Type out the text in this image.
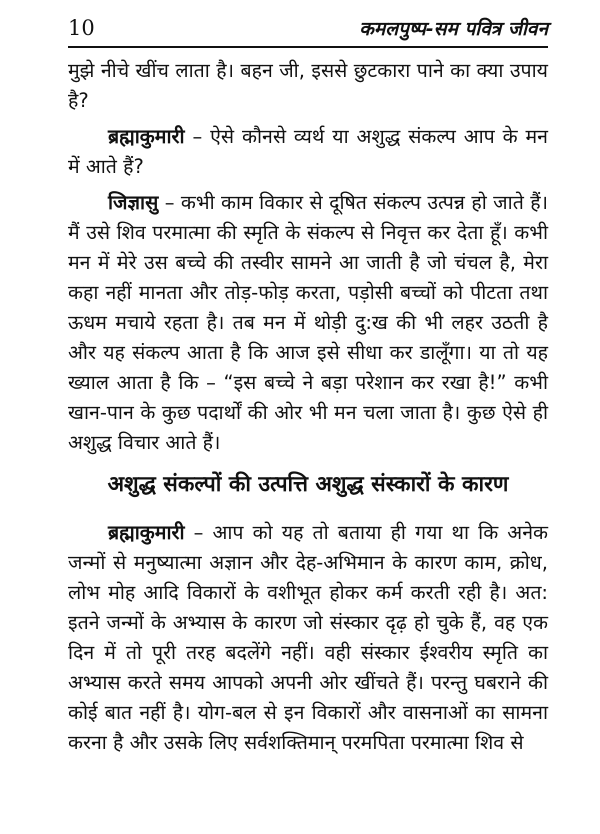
10	कमलपुष्प-सम पवित्र जीवन

मुझे नीचे खींच लाता है। बहन जी, इससे छुटकारा पाने का क्या उपाय है?

ब्रह्माकुमारी – ऐसे कौनसे व्यर्थ या अशुद्ध संकल्प आप के मन में आते हैं?

जिज्ञासु – कभी काम विकार से दूषित संकल्प उत्पन्न हो जाते हैं। मैं उसे शिव परमात्मा की स्मृति के संकल्प से निवृत्त कर देता हूँ। कभी मन में मेरे उस बच्चे की तस्वीर सामने आ जाती है जो चंचल है, मेरा कहा नहीं मानता और तोड़-फोड़ करता, पड़ोसी बच्चों को पीटता तथा ऊधम मचाये रहता है। तब मन में थोड़ी दु:ख की भी लहर उठती है और यह संकल्प आता है कि आज इसे सीधा कर डालूँगा। या तो यह ख्याल आता है कि – “इस बच्चे ने बड़ा परेशान कर रखा है!” कभी खान-पान के कुछ पदार्थों की ओर भी मन चला जाता है। कुछ ऐसे ही अशुद्ध विचार आते हैं।

अशुद्ध संकल्पों की उत्पत्ति अशुद्ध संस्कारों के कारण

ब्रह्माकुमारी – आप को यह तो बताया ही गया था कि अनेक जन्मों से मनुष्यात्मा अज्ञान और देह-अभिमान के कारण काम, क्रोध, लोभ मोह आदि विकारों के वशीभूत होकर कर्म करती रही है। अत: इतने जन्मों के अभ्यास के कारण जो संस्कार दृढ़ हो चुके हैं, वह एक दिन में तो पूरी तरह बदलेंगे नहीं। वही संस्कार ईश्वरीय स्मृति का अभ्यास करते समय आपको अपनी ओर खींचते हैं। परन्तु घबराने की कोई बात नहीं है। योग-बल से इन विकारों और वासनाओं का सामना करना है और उसके लिए सर्वशक्तिमान् परमपिता परमात्मा शिव से
